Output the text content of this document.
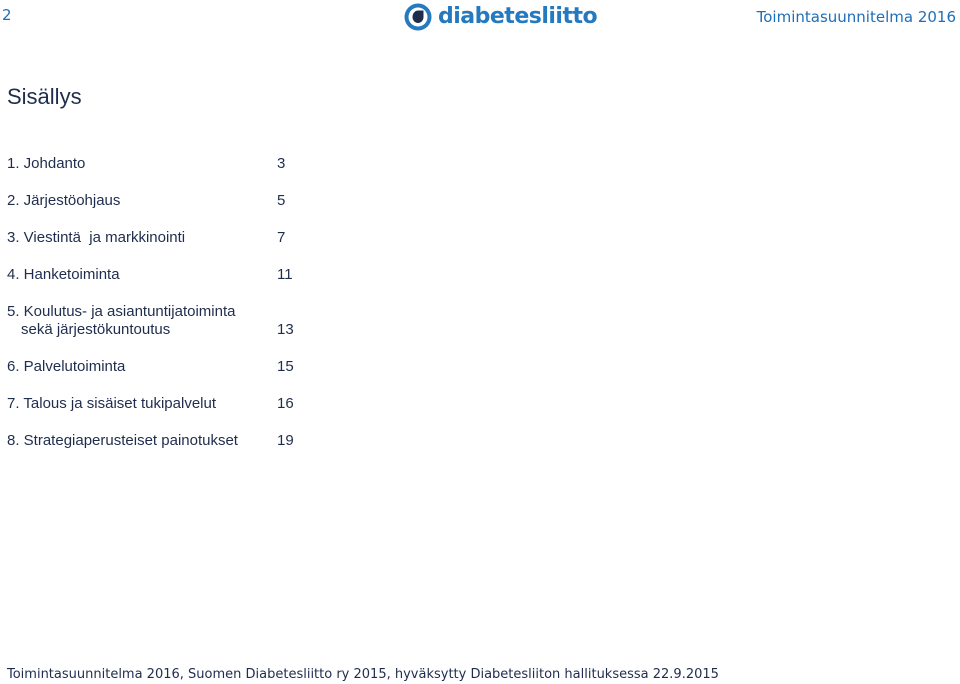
2	diabetesliitto	Toimintasuunnitelma 2016
Sisällys
1. Johdanto	3
2. Järjestöohjaus	5
3. Viestintä  ja markkinointi	7
4. Hanketoiminta	11
5. Koulutus- ja asiantuntijatoiminta
sekä järjestökuntoutus	13
6. Palvelutoiminta	15
7. Talous ja sisäiset tukipalvelut	16
8. Strategiaperusteiset painotukset	19
Toimintasuunnitelma 2016, Suomen Diabetesliitto ry 2015, hyväksytty Diabetesliiton hallituksessa 22.9.2015
